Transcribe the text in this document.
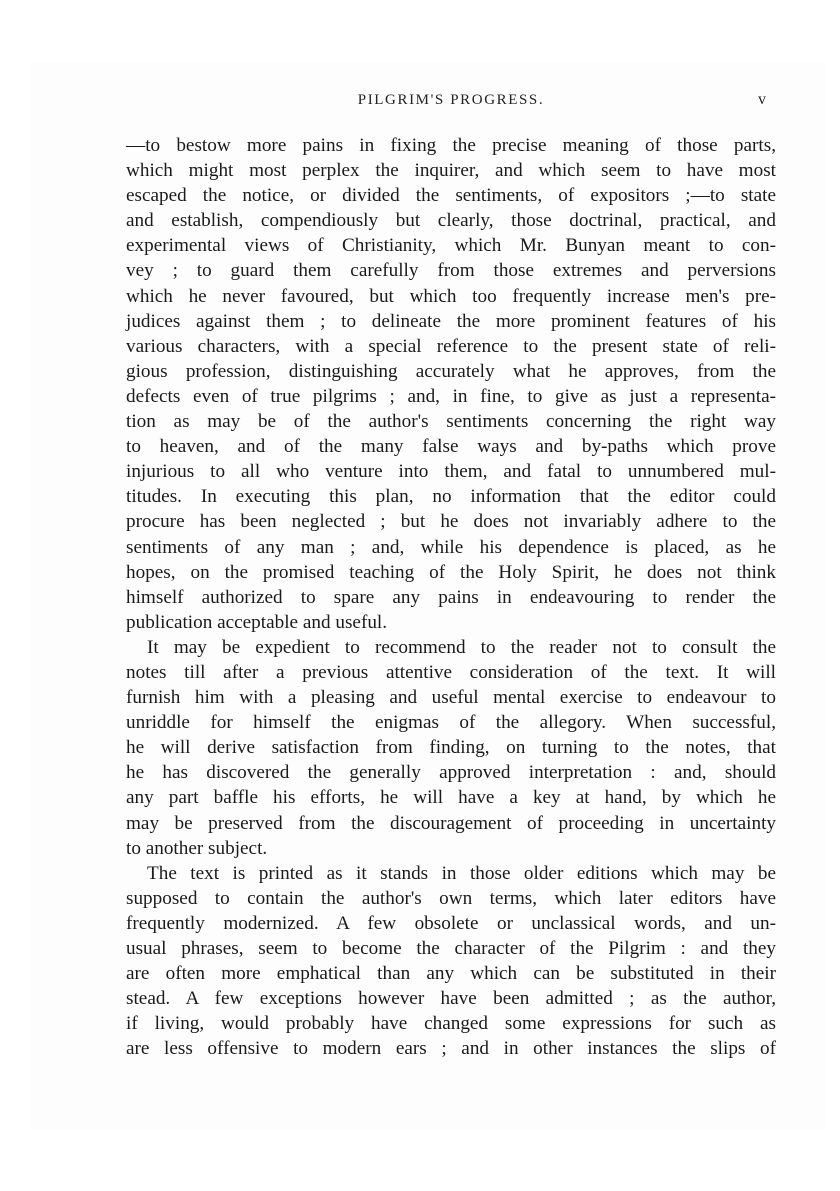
PILGRIM'S PROGRESS.	v
—to bestow more pains in fixing the precise meaning of those parts,
which might most perplex the inquirer, and which seem to have most
escaped the notice, or divided the sentiments, of expositors ;—to state
and establish, compendiously but clearly, those doctrinal, practical, and
experimental views of Christianity, which Mr. Bunyan meant to con-
vey ; to guard them carefully from those extremes and perversions
which he never favoured, but which too frequently increase men's pre-
judices against them ; to delineate the more prominent features of his
various characters, with a special reference to the present state of reli-
gious profession, distinguishing accurately what he approves, from the
defects even of true pilgrims ; and, in fine, to give as just a representa-
tion as may be of the author's sentiments concerning the right way
to heaven, and of the many false ways and by-paths which prove
injurious to all who venture into them, and fatal to unnumbered mul-
titudes. In executing this plan, no information that the editor could
procure has been neglected ; but he does not invariably adhere to the
sentiments of any man ; and, while his dependence is placed, as he
hopes, on the promised teaching of the Holy Spirit, he does not think
himself authorized to spare any pains in endeavouring to render the
publication acceptable and useful.
It may be expedient to recommend to the reader not to consult the
notes till after a previous attentive consideration of the text. It will
furnish him with a pleasing and useful mental exercise to endeavour to
unriddle for himself the enigmas of the allegory. When successful,
he will derive satisfaction from finding, on turning to the notes, that
he has discovered the generally approved interpretation : and, should
any part baffle his efforts, he will have a key at hand, by which he
may be preserved from the discouragement of proceeding in uncertainty
to another subject.
The text is printed as it stands in those older editions which may be
supposed to contain the author's own terms, which later editors have
frequently modernized. A few obsolete or unclassical words, and un-
usual phrases, seem to become the character of the Pilgrim : and they
are often more emphatical than any which can be substituted in their
stead. A few exceptions however have been admitted ; as the author,
if living, would probably have changed some expressions for such as
are less offensive to modern ears ; and in other instances the slips of
